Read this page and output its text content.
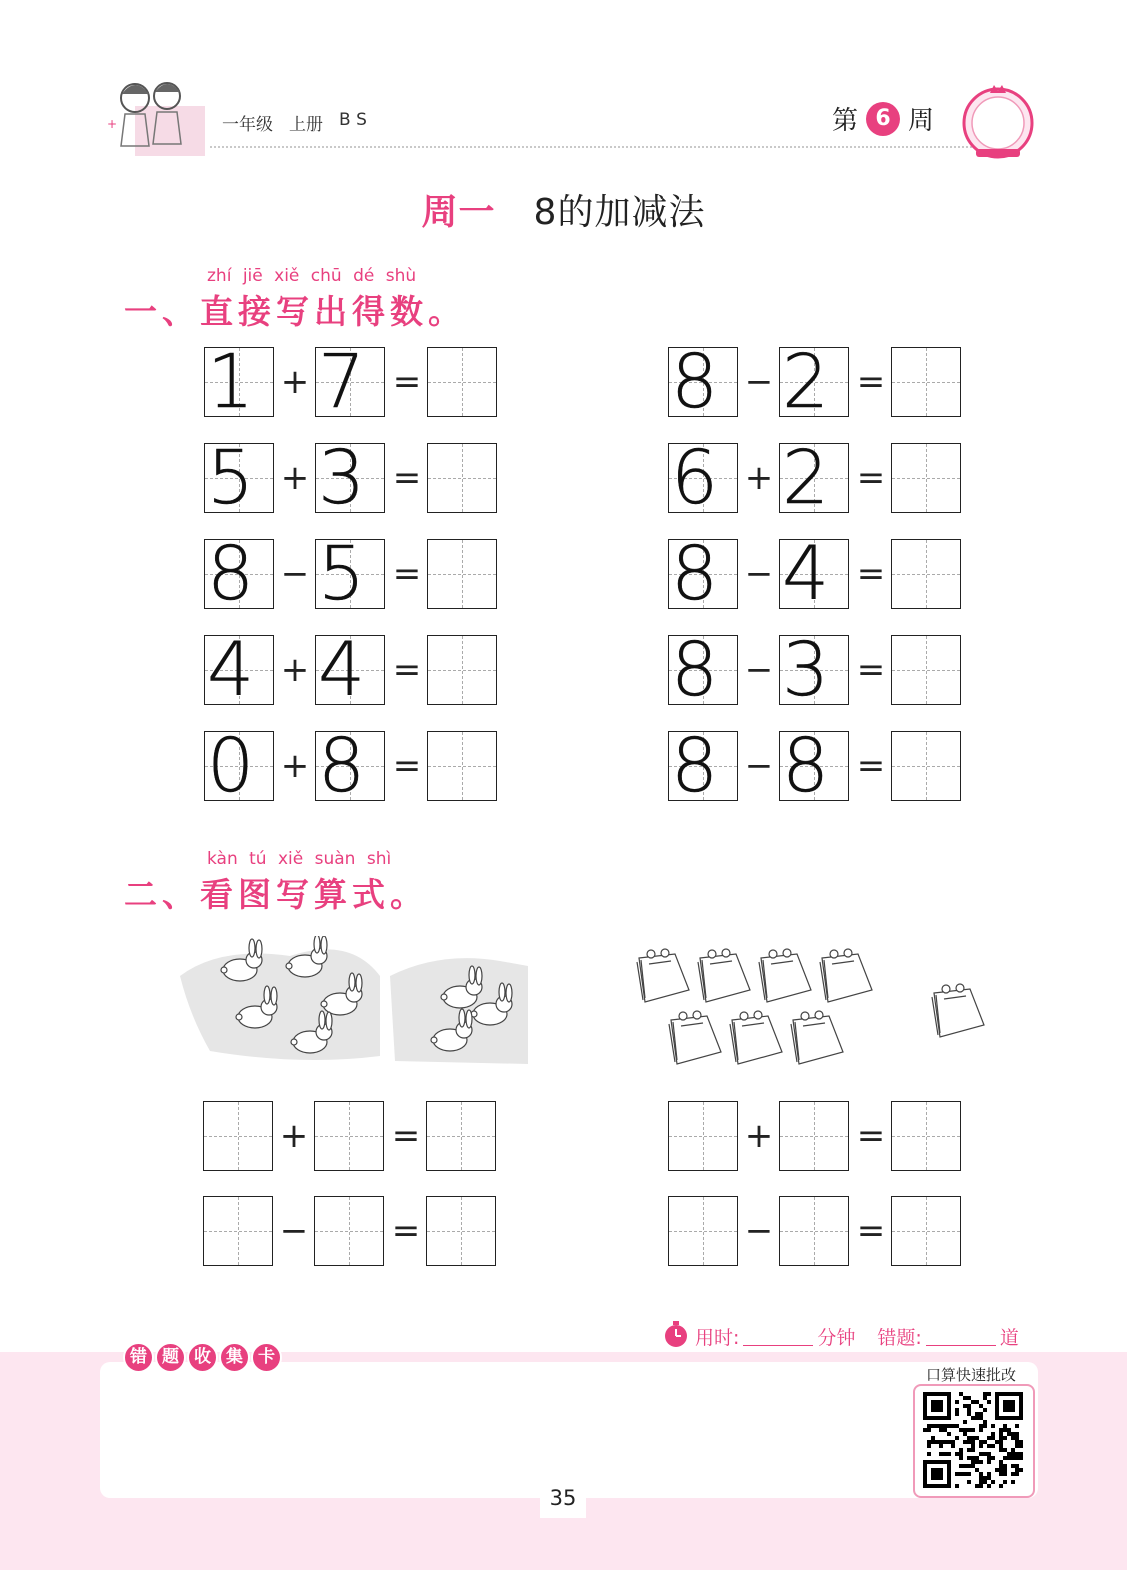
+	一年级 上册 B S	第 6 周
周一 8的加减法
zhí jiē xiě chū dé shù
一、直接写出得数。
1 + 7 =	8 − 2 =
5 + 3 =	6 + 2 =
8 − 5 =	8 − 4 =
4 + 4 =	8 − 3 =
0 + 8 =	8 − 8 =
kàn tú xiě suàn shì
二、看图写算式。
+ =	+ =
− =	− =
用时:	分钟 错题:	道
错 题 收 集 卡
口算快速批改
35
